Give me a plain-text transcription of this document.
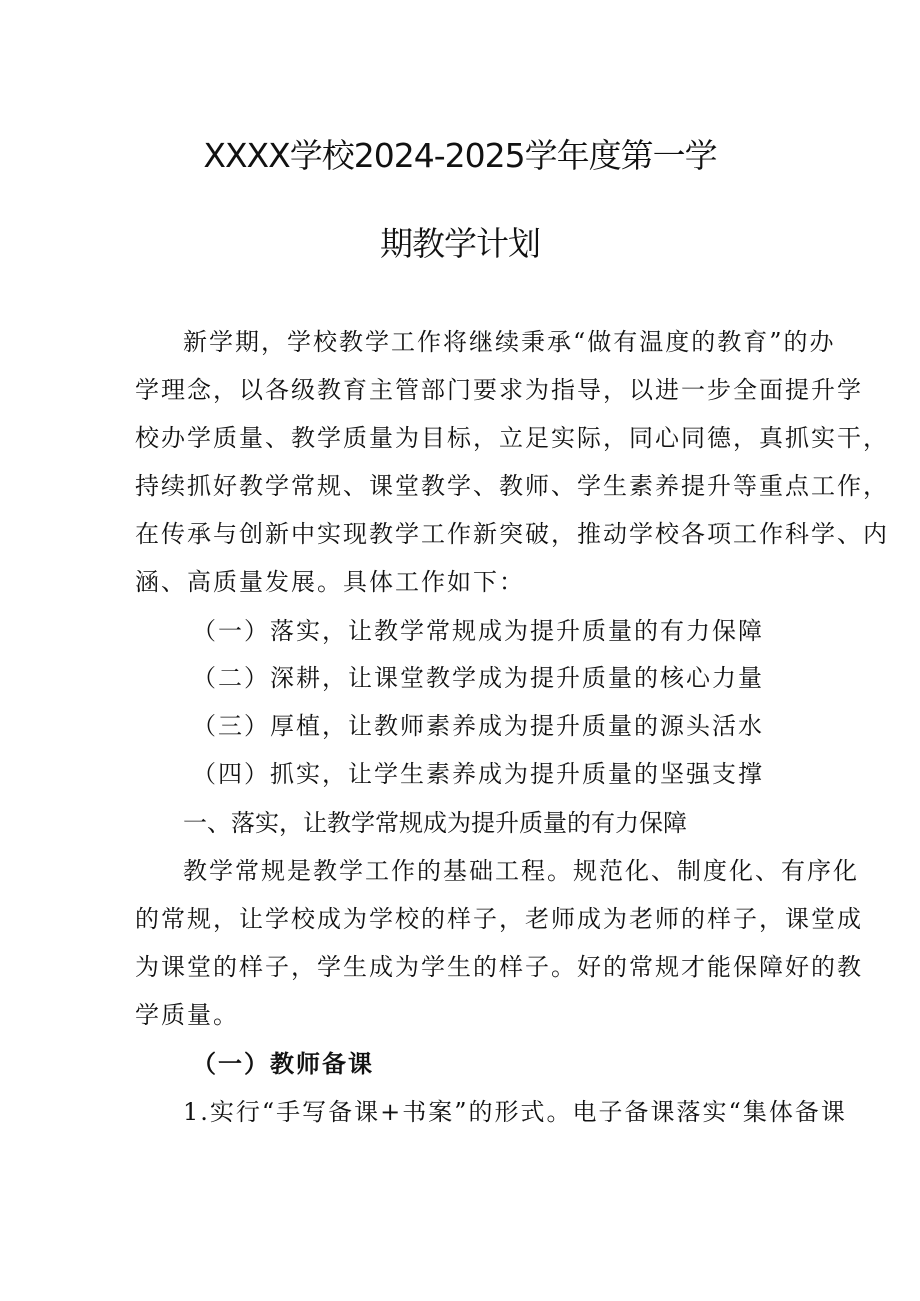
XXXX学校2024-2025学年度第一学
期教学计划
新学期，学校教学工作将继续秉承“做有温度的教育”的办
学理念，以各级教育主管部门要求为指导，以进一步全面提升学
校办学质量、教学质量为目标，立足实际，同心同德，真抓实干，
持续抓好教学常规、课堂教学、教师、学生素养提升等重点工作，
在传承与创新中实现教学工作新突破，推动学校各项工作科学、内
涵、高质量发展。具体工作如下：
（一）落实，让教学常规成为提升质量的有力保障
（二）深耕，让课堂教学成为提升质量的核心力量
（三）厚植，让教师素养成为提升质量的源头活水
（四）抓实，让学生素养成为提升质量的坚强支撑
一、落实，让教学常规成为提升质量的有力保障
教学常规是教学工作的基础工程。规范化、制度化、有序化
的常规，让学校成为学校的样子，老师成为老师的样子，课堂成
为课堂的样子，学生成为学生的样子。好的常规才能保障好的教
学质量。
（一）教师备课
1.实行“手写备课+书案”的形式。电子备课落实“集体备课
